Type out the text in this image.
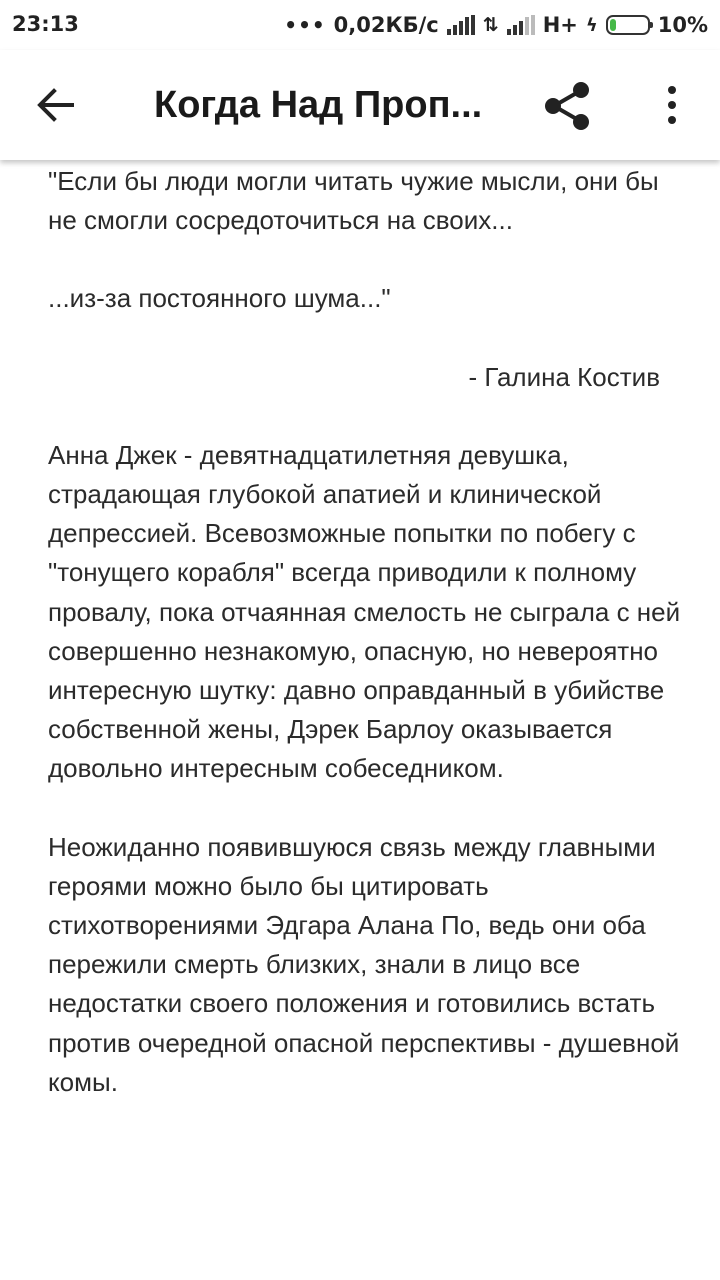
23:13	••• 0,02КБ/с ⇅ H+ ϟ	10%
Когда Над Проп...

"Если бы люди могли читать чужие мысли, они бы не смогли сосредоточиться на своих...

...из-за постоянного шума..."

- Галина Костив

Анна Джек - девятнадцатилетняя девушка, страдающая глубокой апатией и клинической депрессией. Всевозможные попытки по побегу с "тонущего корабля" всегда приводили к полному провалу, пока отчаянная смелость не сыграла с ней совершенно незнакомую, опасную, но невероятно интересную шутку: давно оправданный в убийстве собственной жены, Дэрек Барлоу оказывается довольно интересным собеседником.

Неожиданно появившуюся связь между главными героями можно было бы цитировать стихотворениями Эдгара Алана По, ведь они оба пережили смерть близких, знали в лицо все недостатки своего положения и готовились встать против очередной опасной перспективы - душевной комы.
